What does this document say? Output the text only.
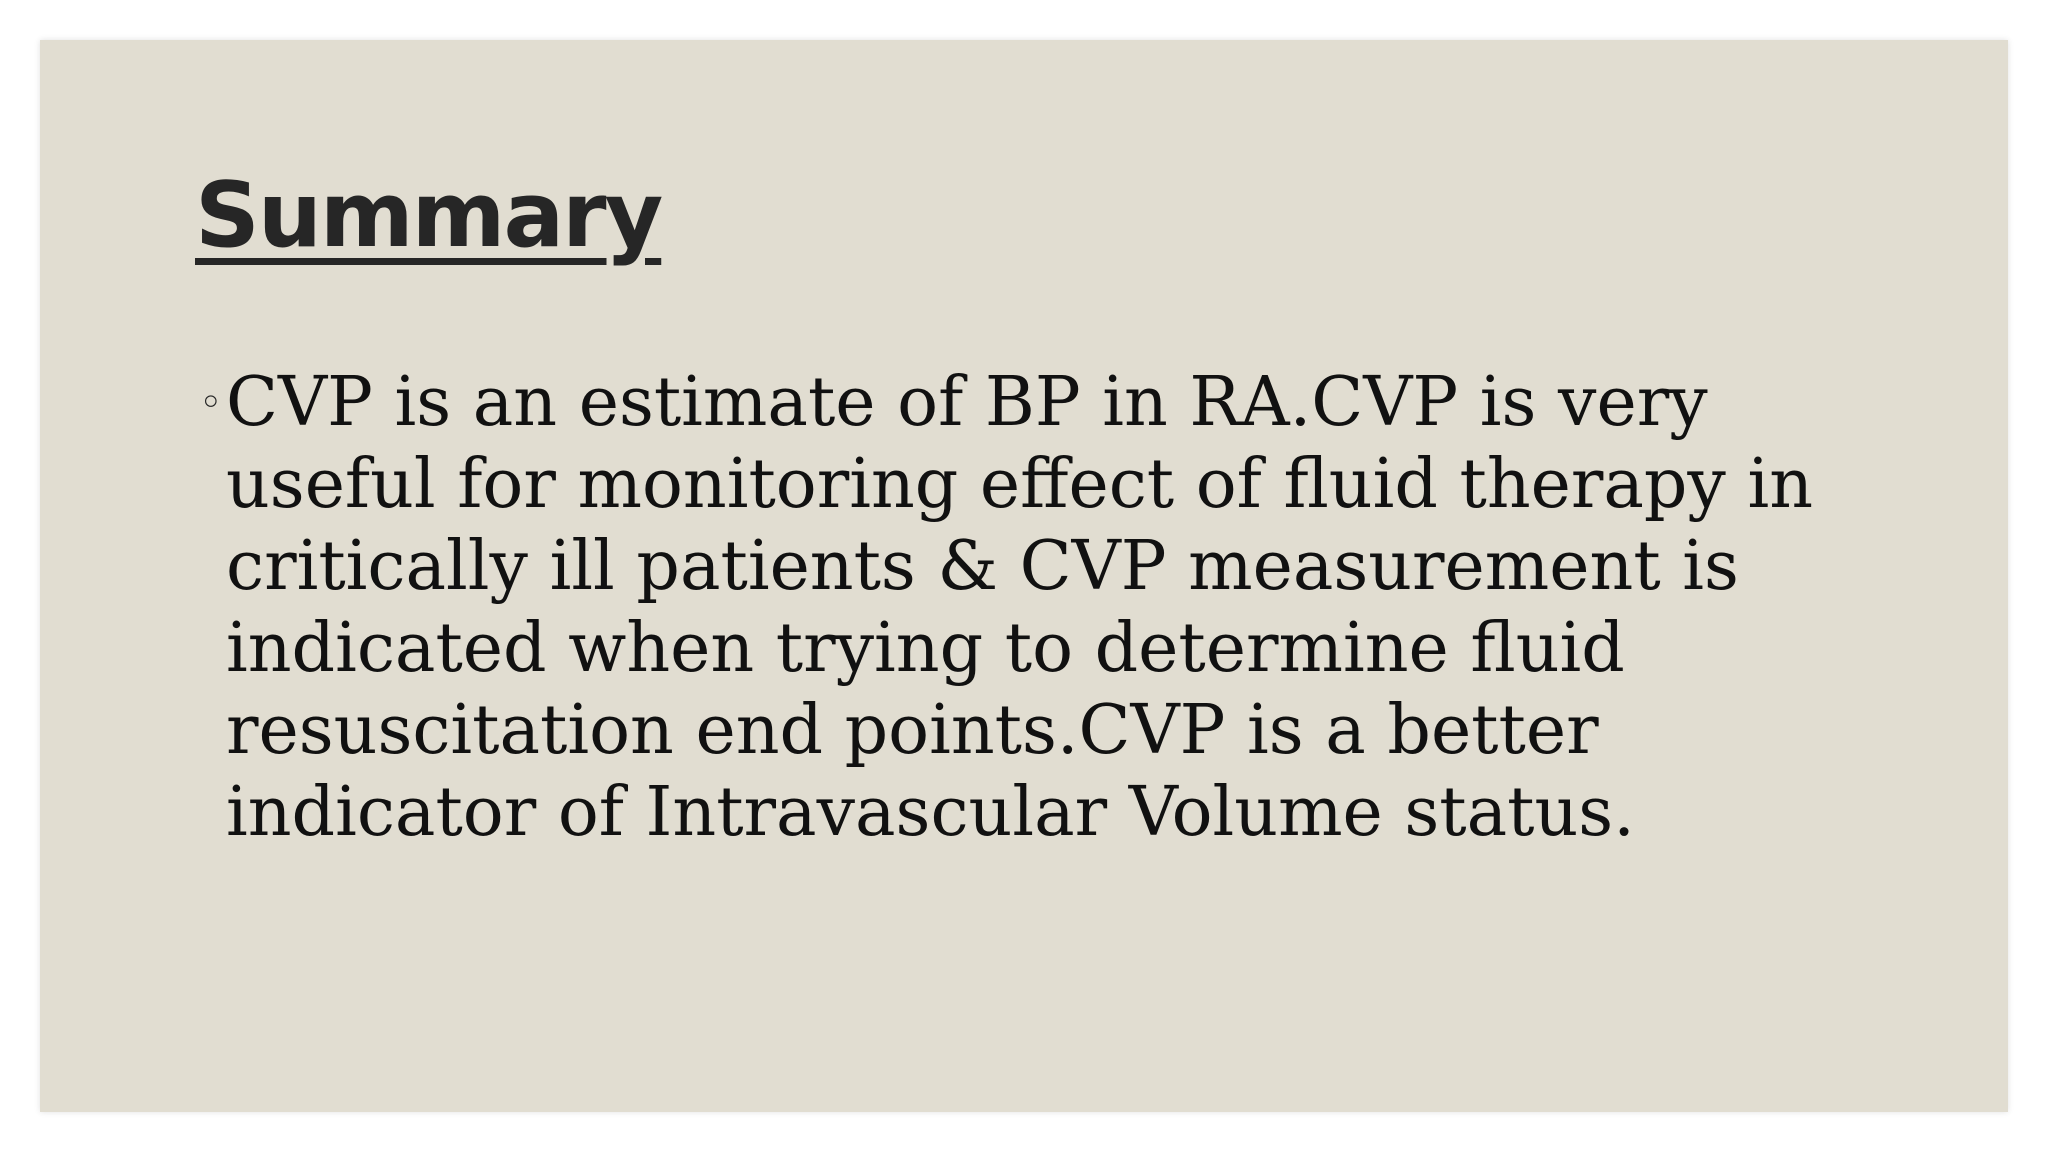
Summary
◦ CVP is an estimate of BP in RA.CVP is very useful for monitoring effect of fluid therapy in critically ill patients & CVP measurement is indicated when trying to determine fluid resuscitation end points.CVP is a better indicator of Intravascular Volume status.
